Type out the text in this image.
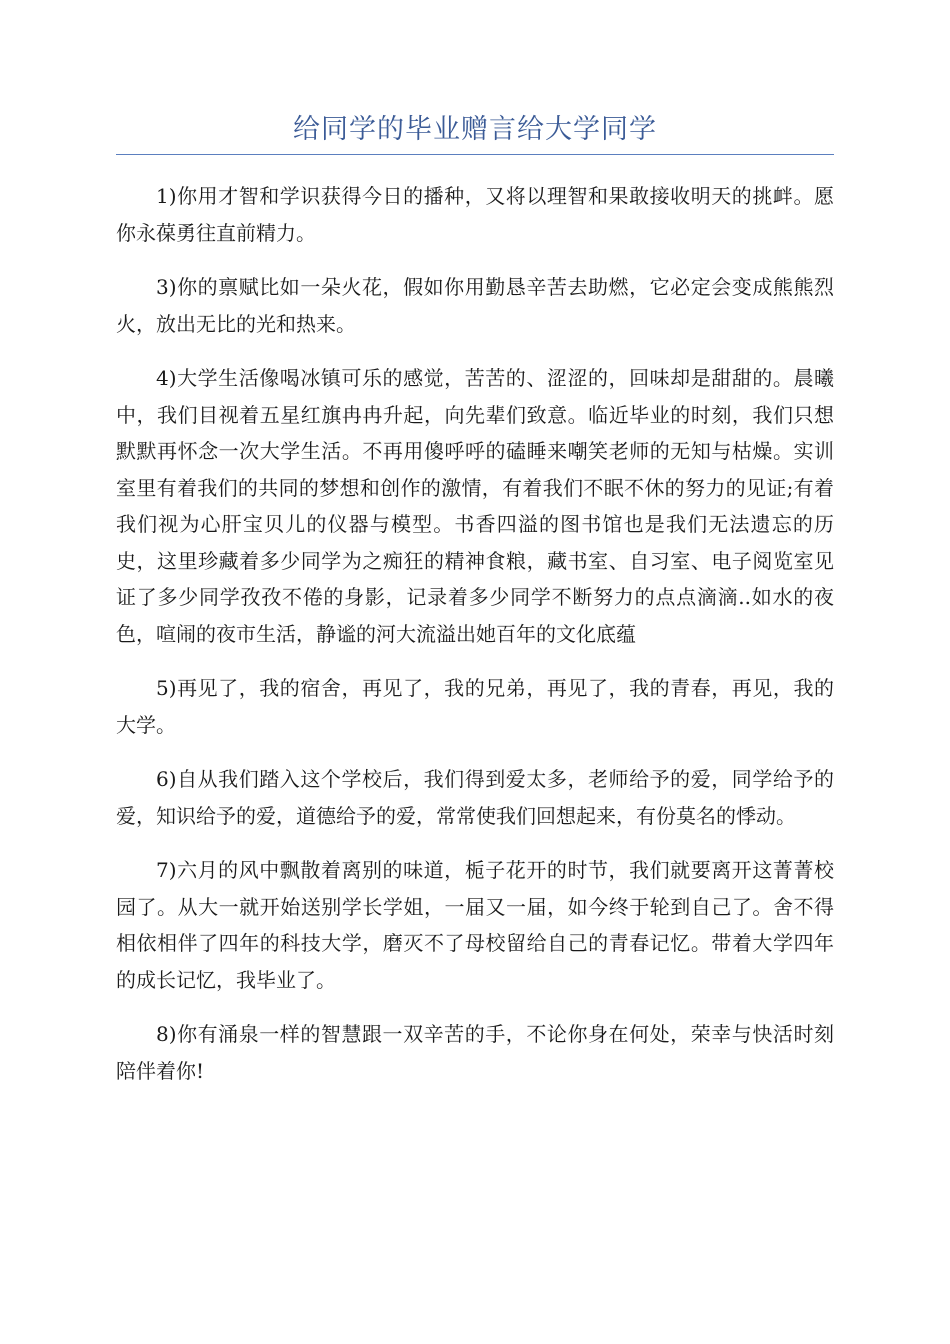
给同学的毕业赠言给大学同学

1)你用才智和学识获得今日的播种，又将以理智和果敢接收明天的挑衅。愿你永葆勇往直前精力。

3)你的禀赋比如一朵火花，假如你用勤恳辛苦去助燃，它必定会变成熊熊烈火，放出无比的光和热来。

4)大学生活像喝冰镇可乐的感觉，苦苦的、涩涩的，回味却是甜甜的。晨曦中，我们目视着五星红旗冉冉升起，向先辈们致意。临近毕业的时刻，我们只想默默再怀念一次大学生活。不再用傻呼呼的磕睡来嘲笑老师的无知与枯燥。实训室里有着我们的共同的梦想和创作的激情，有着我们不眠不休的努力的见证;有着我们视为心肝宝贝儿的仪器与模型。书香四溢的图书馆也是我们无法遗忘的历史，这里珍藏着多少同学为之痴狂的精神食粮，藏书室、自习室、电子阅览室见证了多少同学孜孜不倦的身影，记录着多少同学不断努力的点点滴滴..如水的夜色，喧闹的夜市生活，静谧的河大流溢出她百年的文化底蕴

5)再见了，我的宿舍，再见了，我的兄弟，再见了，我的青春，再见，我的大学。

6)自从我们踏入这个学校后，我们得到爱太多，老师给予的爱，同学给予的爱，知识给予的爱，道德给予的爱，常常使我们回想起来，有份莫名的悸动。

7)六月的风中飘散着离别的味道，栀子花开的时节，我们就要离开这菁菁校园了。从大一就开始送别学长学姐，一届又一届，如今终于轮到自己了。舍不得相依相伴了四年的科技大学，磨灭不了母校留给自己的青春记忆。带着大学四年的成长记忆，我毕业了。

8)你有涌泉一样的智慧跟一双辛苦的手，不论你身在何处，荣幸与快活时刻陪伴着你!
